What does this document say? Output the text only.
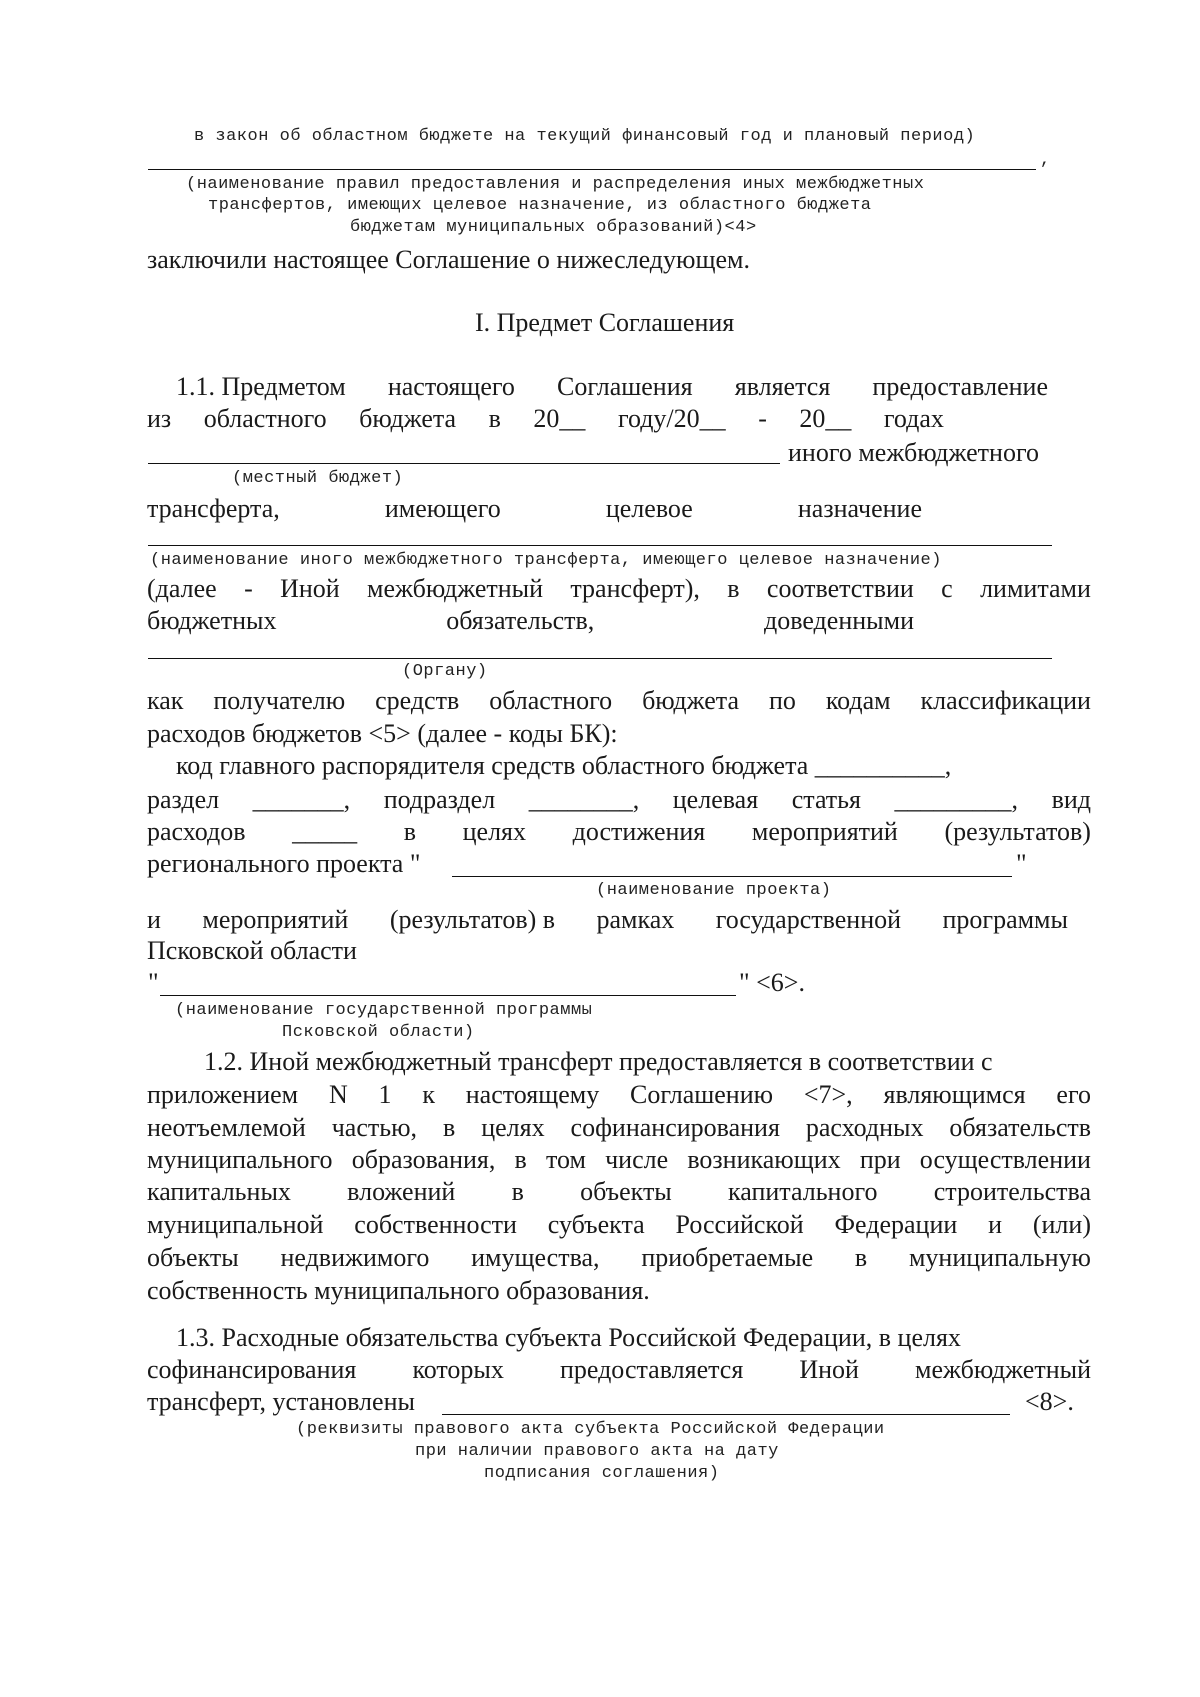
в закон об областном бюджете на текущий финансовый год и плановый период)
,
(наименование правил предоставления и распределения иных межбюджетных
трансфертов, имеющих целевое назначение, из областного бюджета
бюджетам муниципальных образований)<4>
заключили настоящее Соглашение о нижеследующем.
I. Предмет Соглашения
1.1. Предметом настоящего Соглашения является предоставление
из областного бюджета в 20__ году/20__ - 20__ годах
иного межбюджетного
(местный бюджет)
трансферта,	имеющего	целевое	назначение
(наименование иного межбюджетного трансферта, имеющего целевое назначение)
(далее - Иной межбюджетный трансферт), в соответствии с лимитами
бюджетных	обязательств,	доведенными
(Органу)
как получателю средств областного бюджета по кодам классификации
расходов бюджетов <5> (далее - коды БК):
код главного распорядителя средств областного бюджета __________,
раздел _______, подраздел ________, целевая статья _________, вид
расходов _____ в целях достижения мероприятий (результатов)
регионального проекта "	"
(наименование проекта)
и мероприятий (результатов) в рамках государственной программы
Псковской области
"	" <6>.
(наименование государственной программы
Псковской области)
1.2. Иной межбюджетный трансферт предоставляется в соответствии с
приложением N 1 к настоящему Соглашению <7>, являющимся его
неотъемлемой частью, в целях софинансирования расходных обязательств
муниципального образования, в том числе возникающих при осуществлении
капитальных вложений в объекты капитального строительства
муниципальной собственности субъекта Российской Федерации и (или)
объекты недвижимого имущества, приобретаемые в муниципальную
собственность муниципального образования.
1.3. Расходные обязательства субъекта Российской Федерации, в целях
софинансирования которых предоставляется Иной межбюджетный
трансферт, установлены	<8>.
(реквизиты правового акта субъекта Российской Федерации
при наличии правового акта на дату
подписания соглашения)
